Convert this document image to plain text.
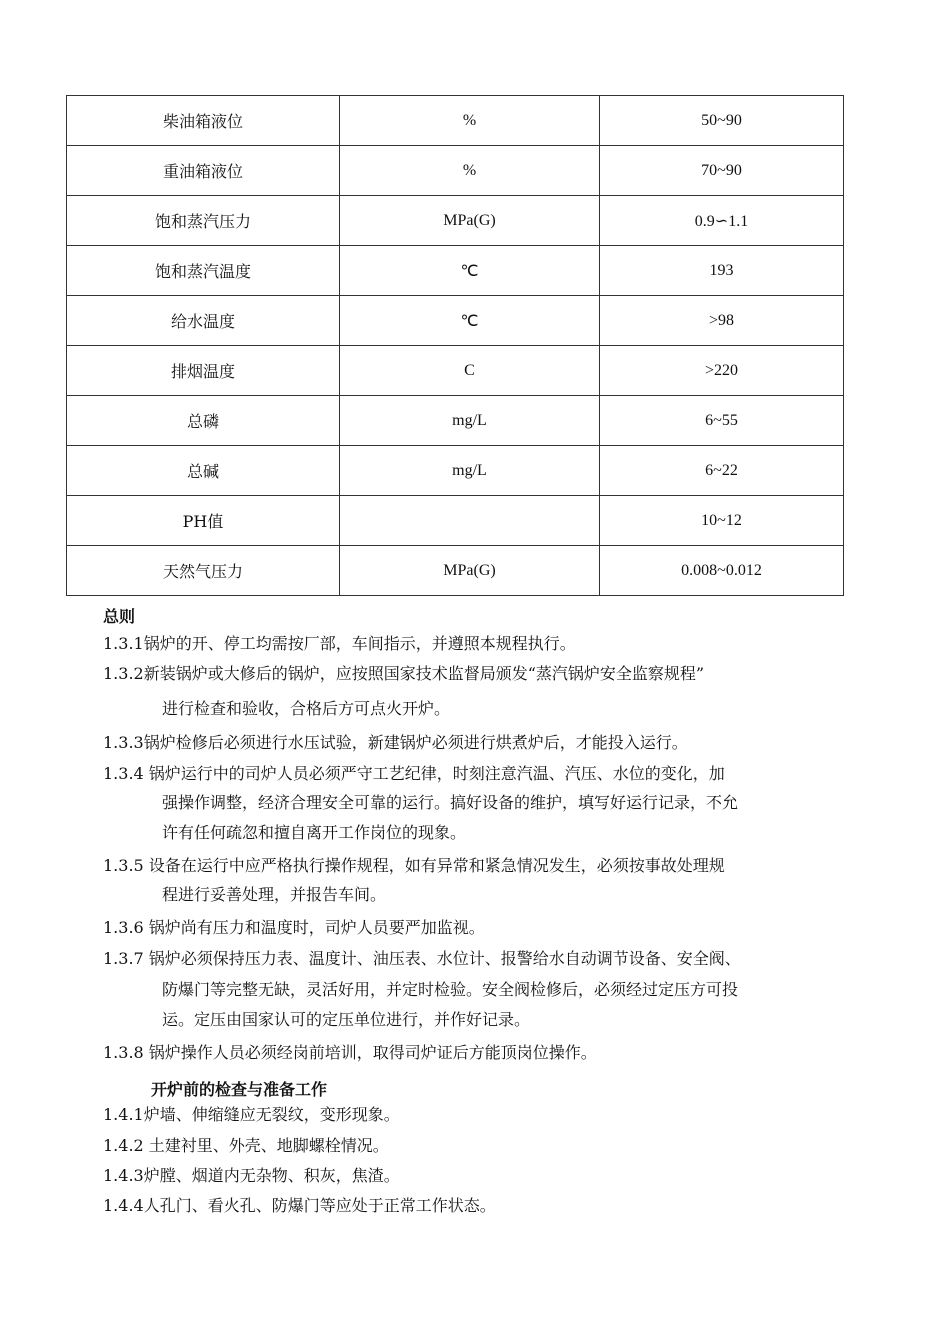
柴油箱液位	%	50~90
重油箱液位	%	70~90
饱和蒸汽压力	MPa(G)	0.9∽1.1
饱和蒸汽温度	℃	193
给水温度	℃	>98
排烟温度	C	>220
总磷	mg/L	6~55
总碱	mg/L	6~22
PH值		10~12
天然气压力	MPa(G)	0.008~0.012
总则
1.3.1锅炉的开、停工均需按厂部，车间指示，并遵照本规程执行。
1.3.2新装锅炉或大修后的锅炉，应按照国家技术监督局颁发“蒸汽锅炉安全监察规程”
进行检查和验收，合格后方可点火开炉。
1.3.3锅炉检修后必须进行水压试验，新建锅炉必须进行烘煮炉后，才能投入运行。
1.3.4 锅炉运行中的司炉人员必须严守工艺纪律，时刻注意汽温、汽压、水位的变化，加
强操作调整，经济合理安全可靠的运行。搞好设备的维护，填写好运行记录，不允
许有任何疏忽和擅自离开工作岗位的现象。
1.3.5 设备在运行中应严格执行操作规程，如有异常和紧急情况发生，必须按事故处理规
程进行妥善处理，并报告车间。
1.3.6 锅炉尚有压力和温度时，司炉人员要严加监视。
1.3.7 锅炉必须保持压力表、温度计、油压表、水位计、报警给水自动调节设备、安全阀、
防爆门等完整无缺，灵活好用，并定时检验。安全阀检修后，必须经过定压方可投
运。定压由国家认可的定压单位进行，并作好记录。
1.3.8 锅炉操作人员必须经岗前培训，取得司炉证后方能顶岗位操作。
开炉前的检查与准备工作
1.4.1炉墙、伸缩缝应无裂纹，变形现象。
1.4.2 土建衬里、外壳、地脚螺栓情况。
1.4.3炉膛、烟道内无杂物、积灰，焦渣。
1.4.4人孔门、看火孔、防爆门等应处于正常工作状态。
